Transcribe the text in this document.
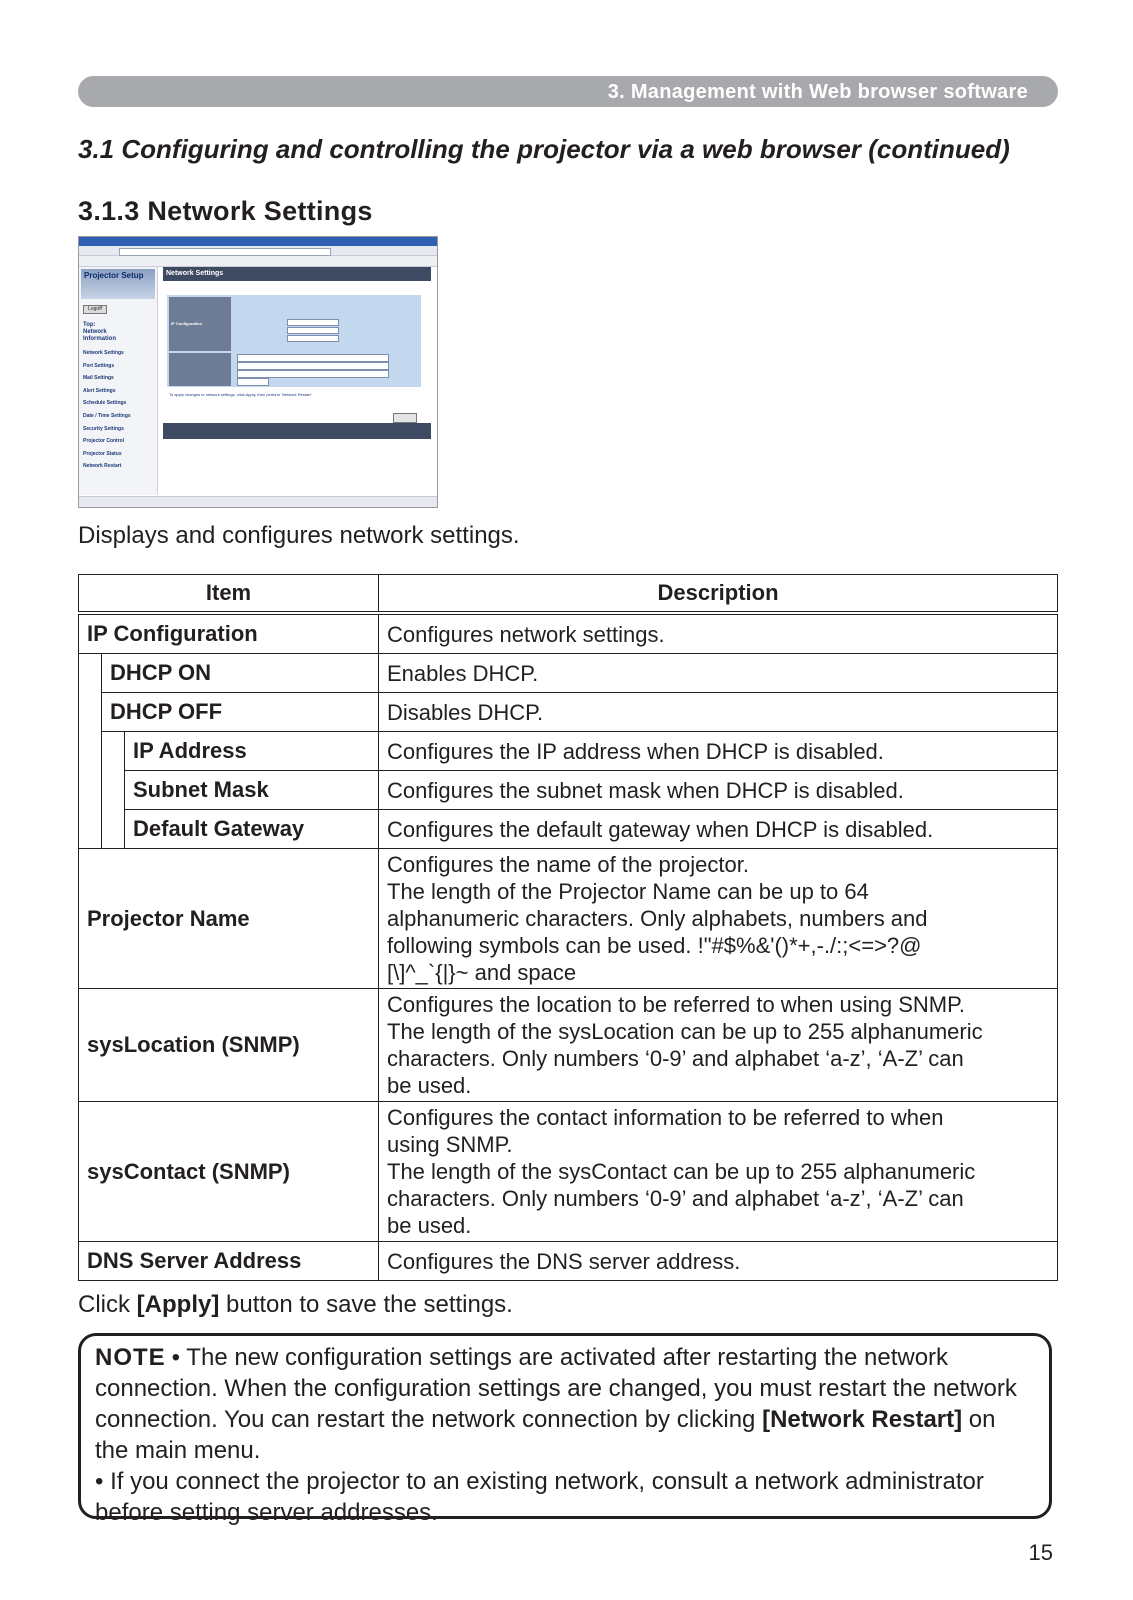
3. Management with Web browser software
3.1 Configuring and controlling the projector via a web browser (continued)
3.1.3 Network Settings
Projector Setup
Logoff
Top:
Network
Information
Network Settings
Port Settings
Mail Settings
Alert Settings
Schedule Settings
Date / Time Settings
Security Settings
Projector Control
Projector Status
Network Restart
Network Settings
IP Configuration
To apply changes to network settings, click Apply, then perform 'Network Restart'.
Displays and configures network settings.
Item			Description
IP Configuration			Configures network settings.
	DHCP ON		Enables DHCP.
	DHCP OFF		Disables DHCP.
		IP Address	Configures the IP address when DHCP is disabled.
		Subnet Mask	Configures the subnet mask when DHCP is disabled.
		Default Gateway	Configures the default gateway when DHCP is disabled.
Projector Name			Configures the name of the projector.
The length of the Projector Name can be up to 64
alphanumeric characters. Only alphabets, numbers and
following symbols can be used. !"#$%&'()*+,-./:;<=>?@
[\]^_`{|}~ and space

sysLocation (SNMP)			Configures the location to be referred to when using SNMP.
The length of the sysLocation can be up to 255 alphanumeric
characters. Only numbers ‘0-9’ and alphabet ‘a-z’, ‘A-Z’ can
be used.

sysContact (SNMP)			Configures the contact information to be referred to when
using SNMP.
The length of the sysContact can be up to 255 alphanumeric
characters. Only numbers ‘0-9’ and alphabet ‘a-z’, ‘A-Z’ can
be used.

DNS Server Address			Configures the DNS server address.
Click [Apply] button to save the settings.

NOTE • The new configuration settings are activated after restarting the network connection. When the configuration settings are changed, you must restart the network connection. You can restart the network connection by clicking [Network Restart] on the main menu.

• If you connect the projector to an existing network, consult a network administrator before setting server addresses.

15
